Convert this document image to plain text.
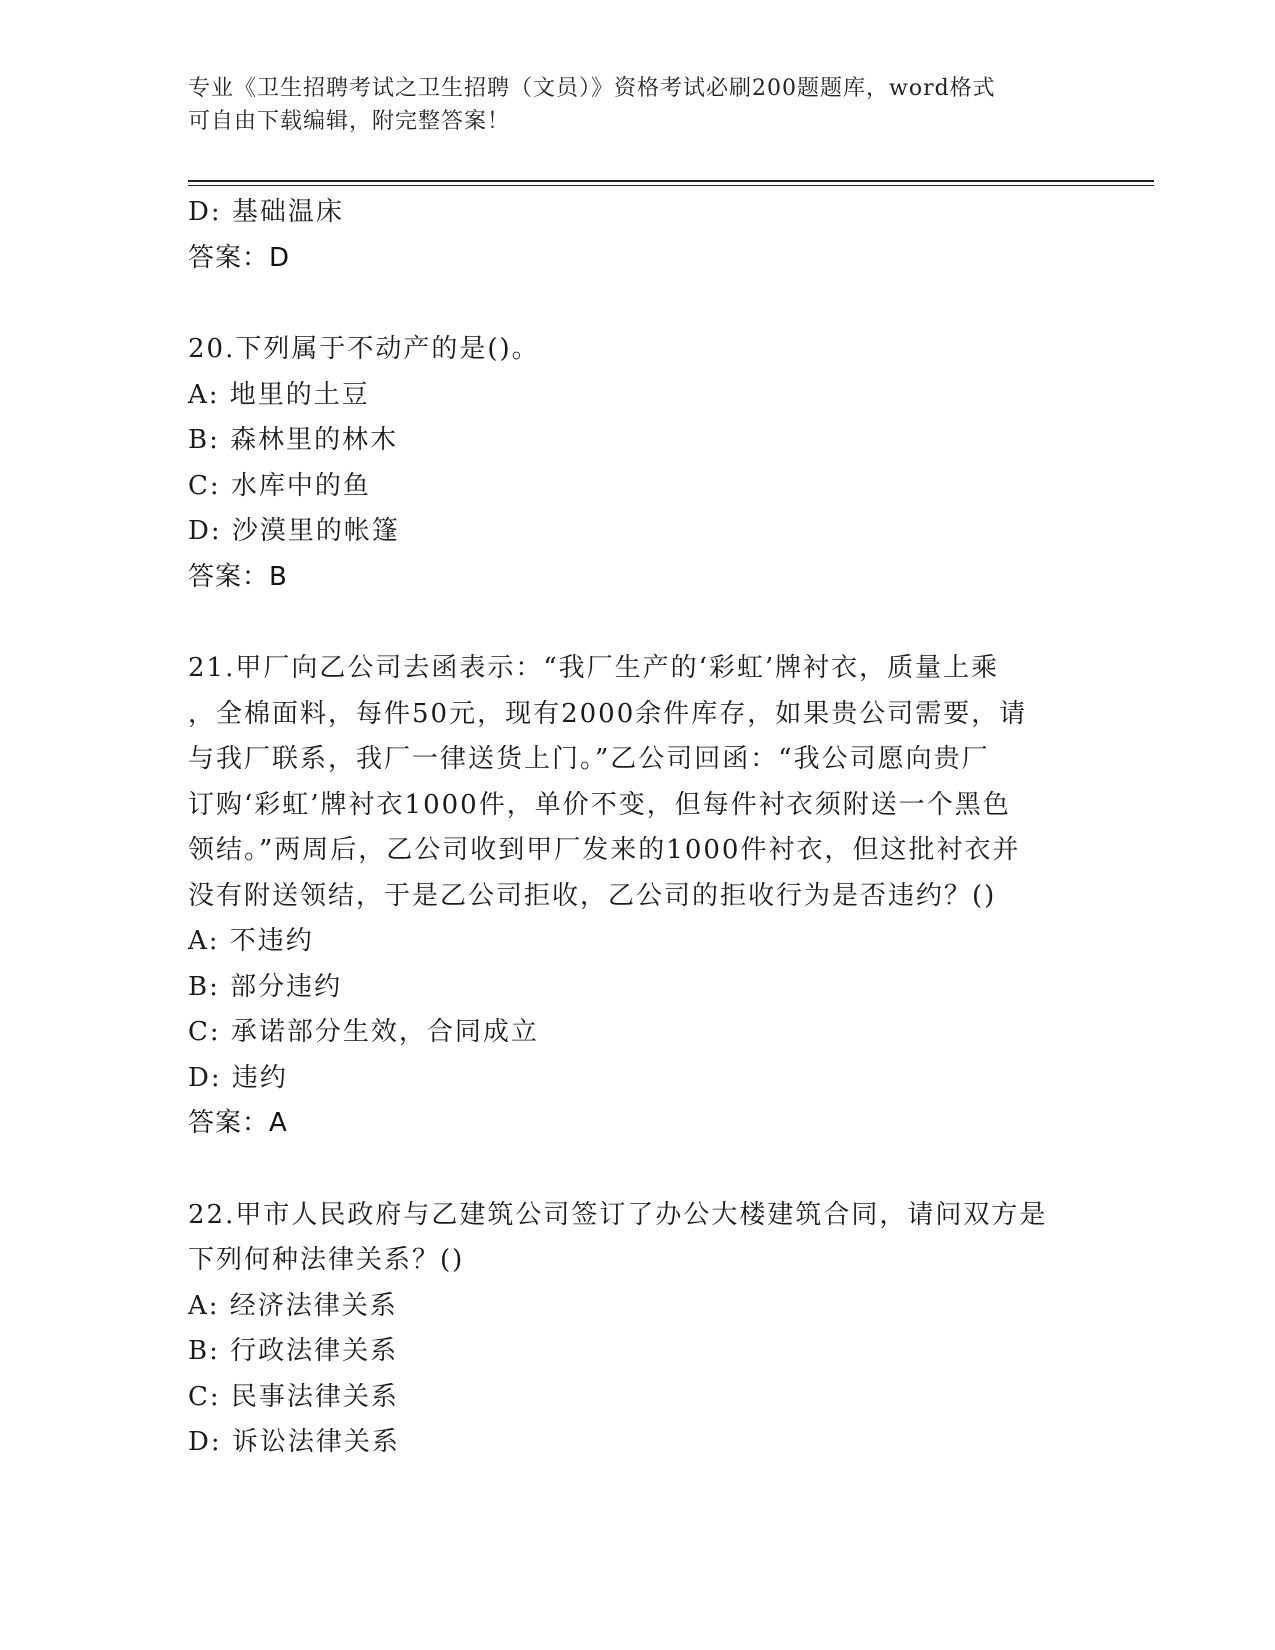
专业《卫生招聘考试之卫生招聘（文员）》资格考试必刷200题题库，word格式
可自由下载编辑，附完整答案！
D: 基础温床
答案：D
20.下列属于不动产的是()。
A: 地里的土豆
B: 森林里的林木
C: 水库中的鱼
D: 沙漠里的帐篷
答案：B
21.甲厂向乙公司去函表示：“我厂生产的‘彩虹’牌衬衣，质量上乘
，全棉面料，每件50元，现有2000余件库存，如果贵公司需要，请
与我厂联系，我厂一律送货上门。”乙公司回函：“我公司愿向贵厂
订购‘彩虹’牌衬衣1000件，单价不变，但每件衬衣须附送一个黑色
领结。”两周后，乙公司收到甲厂发来的1000件衬衣，但这批衬衣并
没有附送领结，于是乙公司拒收，乙公司的拒收行为是否违约？()
A: 不违约
B: 部分违约
C: 承诺部分生效，合同成立
D: 违约
答案：A
22.甲市人民政府与乙建筑公司签订了办公大楼建筑合同，请问双方是
下列何种法律关系？()
A: 经济法律关系
B: 行政法律关系
C: 民事法律关系
D: 诉讼法律关系
